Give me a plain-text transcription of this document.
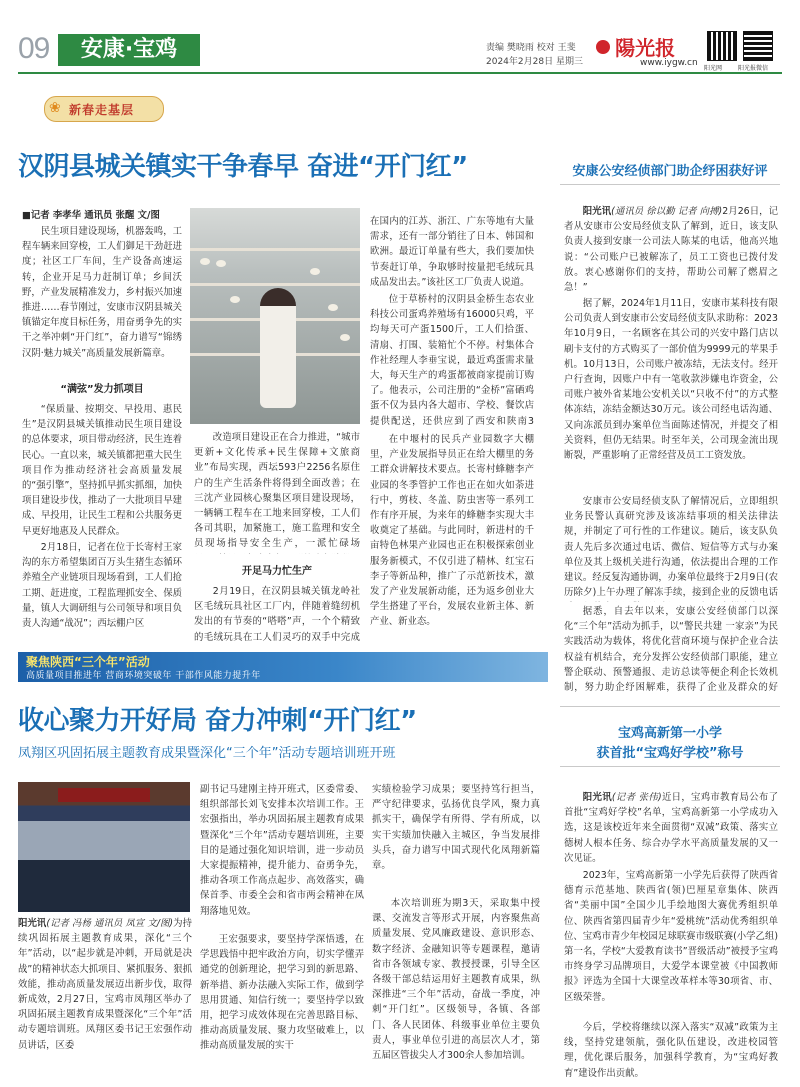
09	安康·宝鸡	责编 樊晓雨 校对 王斐
2024年2月28日 星期三
陽光报
www.iygw.cn
阳光网	阳光报微信
❀ 新春走基层
汉阴县城关镇实干争春早 奋进“开门红”
■记者 李孝华 通讯员 张醒 文/图
民生项目建设现场，机器轰鸣，工程车辆来回穿梭，工人们御足干劲赶进度；社区工厂车间，生产设备高速运转，企业开足马力赶制订单；乡间沃野，产业发展精准发力，乡村振兴加速推进……春节刚过，安康市汉阴县城关镇锚定年度目标任务，用奋勇争先的实干之举冲刺“开门红”，奋力谱写“锦绣汉阴·魅力城关”高质量发展新篇章。
“满弦”发力抓项目
“保质量、按期交、早投用、惠民生”是汉阴县城关镇推动民生项目建设的总体要求，项目带动经济，民生连着民心。一直以来，城关镇都把重大民生项目作为推动经济社会高质量发展的“强引擎”，坚持抓早抓实抓细，加快项目建设步伐，推动了一大批项目早建成、早投用，让民生工程和公共服务更早更好地惠及人民群众。
2月18日，记者在位于长寄村王家沟的东方希望集团百万头生猪生态循环养殖全产业链项目现场看到，工人们抢工期、赶进度，工程监理抓安全、保质量，镇人大调研组与公司领导和项目负责人沟通“战况”；西坛棚户区
改造项目建设正在合力推进，“城市更新+文化传承+民生保障+文旅商业”布局实现，西坛593户2256名原住户的生产生活条件将得到全面改善；在三沈产业园核心聚集区项目建设现场，一辆辆工程车在工地来回穿梭，工人们各司其职，加紧施工，施工监理和安全员现场指导安全生产，一派忙碌场
开足马力忙生产
2月19日，在汉阴县城关镇龙岭社区毛绒玩具社区工厂内，伴随着缝纫机发出的有节奏的“嗒嗒”声，一个个精致的毛绒玩具在工人们灵巧的双手中完成
在国内的江苏、浙江、广东等地有大量需求，还有一部分销往了日本、韩国和欧洲。最近订单量有些大，我们要加快节奏赶订单，争取够时按量把毛绒玩具成品发出去。”该社区工厂负责人说道。
位于草桥村的汉阴县金桥生态农业科技公司蛋鸡养殖场有16000只鸡，平均每天可产蛋1500斤，工人们拾蛋、清扇、打围、装箱忙个不停。村集体合作社经理人李垂宝说，最近鸡蛋需求量大，每天生产的鸡蛋都被商家提前订购了。他表示，公司注册的“金桥”富硒鸡蛋不仅为县内各大超市、学校、餐饮店提供配送，还供应到了西安和陕南3
在中堰村的民兵产业园数字大棚里，产业发展指导员正在给大棚里的务工群众讲解技术要点。长寄村蜂糖李产业园的冬季管护工作也正在如火如荼进行中，剪枝、冬盖、防虫害等一系列工作有序开展，为来年的蜂糖李实现大丰收奠定了基础。与此同时，新进村的千亩特色林果产业园也正在积极探索创业服务新模式，不仅引进了精林、红宝石李子等新品种，推广了示范新技术，激发了产业发展新动能，还为返乡创业大学生搭建了平台，发展农业新主体、新产业、新业态。
安康公安经侦部门助企纾困获好评
阳光讯(通讯员 徐以勤 记者 向搏)2月26日，记者从安康市公安局经侦支队了解到，近日，该支队负责人接到安康一公司法人陈某的电话，他高兴地说：“公司账户已被解冻了，员工工资也已拨付发放。衷心感谢你们的支持，帮助公司解了燃眉之急！”
据了解，2024年1月11日，安康市某科技有限公司负责人到安康市公安局经侦支队求助称：2023年10月9日，一名顾客在其公司的兴安中路门店以刷卡支付的方式购买了一部价值为9999元的苹果手机。10月13日，公司账户被冻结，无法支付。经开户行查询，因账户中有一笔收款涉嫌电诈资金，公司账户被外省某地公安机关以“只收不付”的方式整体冻结，冻结金额达30万元。该公司经电话沟通、又向冻派员到办案单位当面陈述情况，并提交了相关资料，但仍无结果。时至年关，公司现金流出现断裂，严重影响了正常经营及员工工资发放。
安康市公安局经侦支队了解情况后，立即组织业务民警认真研究涉及该冻结事项的相关法律法规，并制定了可行性的工作建议。随后，该支队负责人先后多次通过电话、微信、短信等方式与办案单位及其上级机关进行沟通，依法提出合理的工作建议。经反复沟通协调，办案单位最终于2月9日(农历除夕)上午办理了解冻手续，接到企业的反馈电话
据悉，自去年以来，安康公安经侦部门以深化“三个年”活动为抓手，以“警民共建 一家亲”为民实践活动为载体，将优化营商环境与保护企业合法权益有机结合，充分发挥公安经侦部门职能，建立警企联动、预警通报、走访总读等便企利企长效机制，努力助企纾困解难，获得了企业及群众的好
聚焦陕西“三个年”活动
高质量项目推进年 营商环境突破年 干部作风能力提升年
收心聚力开好局 奋力冲刺“开门红”
凤翔区巩固拓展主题教育成果暨深化“三个年”活动专题培训班开班
阳光讯(记者 冯杨 通讯员 凤宣 文/图)为持续巩固拓展主题教育成果，深化“三个年”活动，以“起步就是冲刺，开局就是决战”的精神状态大抓项目、紧抓服务、狠抓效能，推动高质量发展迈出新步伐，取得新成效，2月27日，宝鸡市凤翔区举办了巩固拓展主题教育成果暨深化“三个年”活动专题培训班。凤翔区委书记王宏强作动员讲话，区委
副书记马建刚主持开班式，区委常委、组织部部长刘飞安排本次培训工作。王宏强指出，举办巩固拓展主题教育成果暨深化“三个年”活动专题培训班，主要目的是通过强化知识培训，进一步动员大家提振精神，提升能力、奋勇争先，推动各项工作高点起步、高效落实，确保首季、市委全会和省市两会精神在凤翔落地见效。
王宏强要求，要坚持学深悟透，在学思践悟中把牢政治方向，切实学懂弄通党的创新理论，把学习到的新思路、新举措、新办法融入实际工作，做到学思用贯通、知信行统一；要坚持学以致用，把学习成效体现在完善思路目标、推动高质量发展、聚力攻坚破难上，以推动高质量发展的实干
实绩检验学习成果；要坚持笃行担当，严守纪律要求，弘扬优良学风，聚力真抓实干，确保学有所得、学有所成，以实干实绩加快融入主城区，争当发展排头兵，奋力谱写中国式现代化凤翔新篇章。
本次培训班为期3天，采取集中授课、交流发言等形式开展，内容聚焦高质量发展、党风廉政建设、意识形态、数字经济、金融知识等专题课程，邀请省市各领域专家、教授授课，引导全区各级干部总结运用好主题教育成果，纵深推进“三个年”活动，奋战一季度，冲刺“开门红”。区级领导，各镇、各部门、各人民团体、科级事业单位主要负责人，事业单位引进的高层次人才，第五届区管拔尖人才300余人参加培训。
宝鸡高新第一小学
获首批“宝鸡好学校”称号
阳光讯(记者 张伟)近日，宝鸡市教育局公布了首批“宝鸡好学校”名单，宝鸡高新第一小学成功入选，这是该校近年来全面贯彻“双减”政策、落实立德树人根本任务、综合办学水平高质量发展的又一次见证。
2023年，宝鸡高新第一小学先后获得了陕西省德育示范基地、陕西省(领)巴厘星章集体、陕西省“美丽中国”全国少儿手绘地图大赛优秀组织单位、陕西省第四届青少年“爱桃统”活动优秀组织单位、宝鸡市青少年校园足球联赛市级联赛(小学乙组)第一名，学校“大爱教育读书”晋级活动”被授予宝鸡市终身学习品牌项目，大爱学本课堂被《中国教师报》评选为全国十大课堂改革样本等30项省、市、区级荣誉。
今后，学校将继续以深入落实“双减”政策为主线，坚持党建领航，强化队伍建设，改进校园管理，优化课后服务，加强科学教育，为“宝鸡好教育”建设作出贡献。
